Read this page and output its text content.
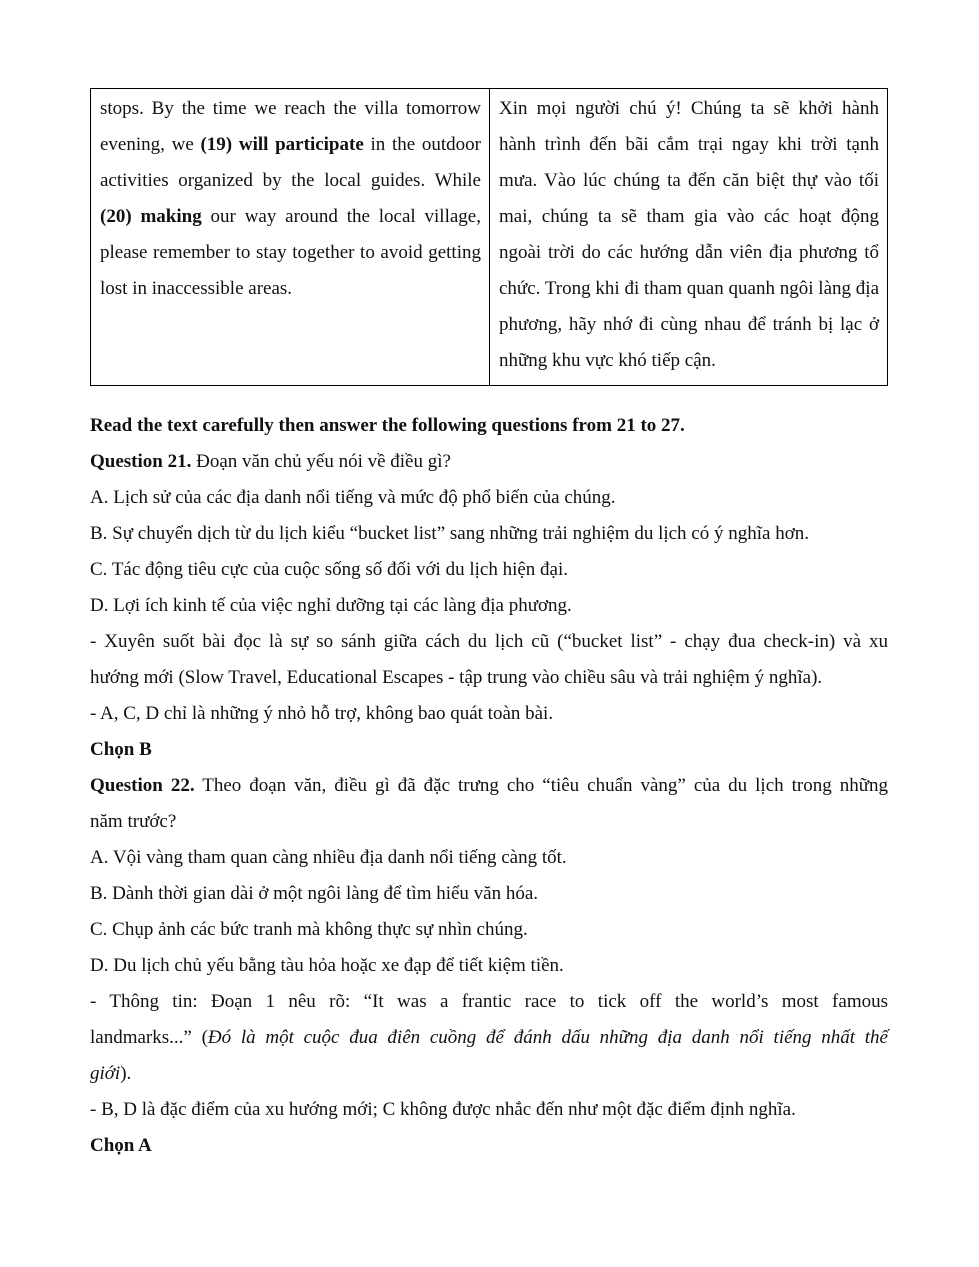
stops. By the time we reach the villa tomorrow evening, we (19) will participate in the outdoor activities organized by the local guides. While (20) making our way around the local village, please remember to stay together to avoid getting lost in inaccessible areas.	Xin mọi người chú ý! Chúng ta sẽ khởi hành hành trình đến bãi cắm trại ngay khi trời tạnh mưa. Vào lúc chúng ta đến căn biệt thự vào tối mai, chúng ta sẽ tham gia vào các hoạt động ngoài trời do các hướng dẫn viên địa phương tổ chức. Trong khi đi tham quan quanh ngôi làng địa phương, hãy nhớ đi cùng nhau để tránh bị lạc ở những khu vực khó tiếp cận.

Read the text carefully then answer the following questions from 21 to 27.

Question 21. Đoạn văn chủ yếu nói về điều gì?

A. Lịch sử của các địa danh nổi tiếng và mức độ phổ biến của chúng.

B. Sự chuyển dịch từ du lịch kiểu “bucket list” sang những trải nghiệm du lịch có ý nghĩa hơn.

C. Tác động tiêu cực của cuộc sống số đối với du lịch hiện đại.

D. Lợi ích kinh tế của việc nghỉ dưỡng tại các làng địa phương.

- Xuyên suốt bài đọc là sự so sánh giữa cách du lịch cũ (“bucket list” - chạy đua check-in) và xu

hướng mới (Slow Travel, Educational Escapes - tập trung vào chiều sâu và trải nghiệm ý nghĩa).

- A, C, D chỉ là những ý nhỏ hỗ trợ, không bao quát toàn bài.

Chọn B

Question 22. Theo đoạn văn, điều gì đã đặc trưng cho “tiêu chuẩn vàng” của du lịch trong những

năm trước?

A. Vội vàng tham quan càng nhiều địa danh nổi tiếng càng tốt.

B. Dành thời gian dài ở một ngôi làng để tìm hiểu văn hóa.

C. Chụp ảnh các bức tranh mà không thực sự nhìn chúng.

D. Du lịch chủ yếu bằng tàu hỏa hoặc xe đạp để tiết kiệm tiền.

- Thông tin: Đoạn 1 nêu rõ: “It was a frantic race to tick off the world’s most famous

landmarks...” (Đó là một cuộc đua điên cuồng để đánh dấu những địa danh nổi tiếng nhất thế

giới).

- B, D là đặc điểm của xu hướng mới; C không được nhắc đến như một đặc điểm định nghĩa.

Chọn A
